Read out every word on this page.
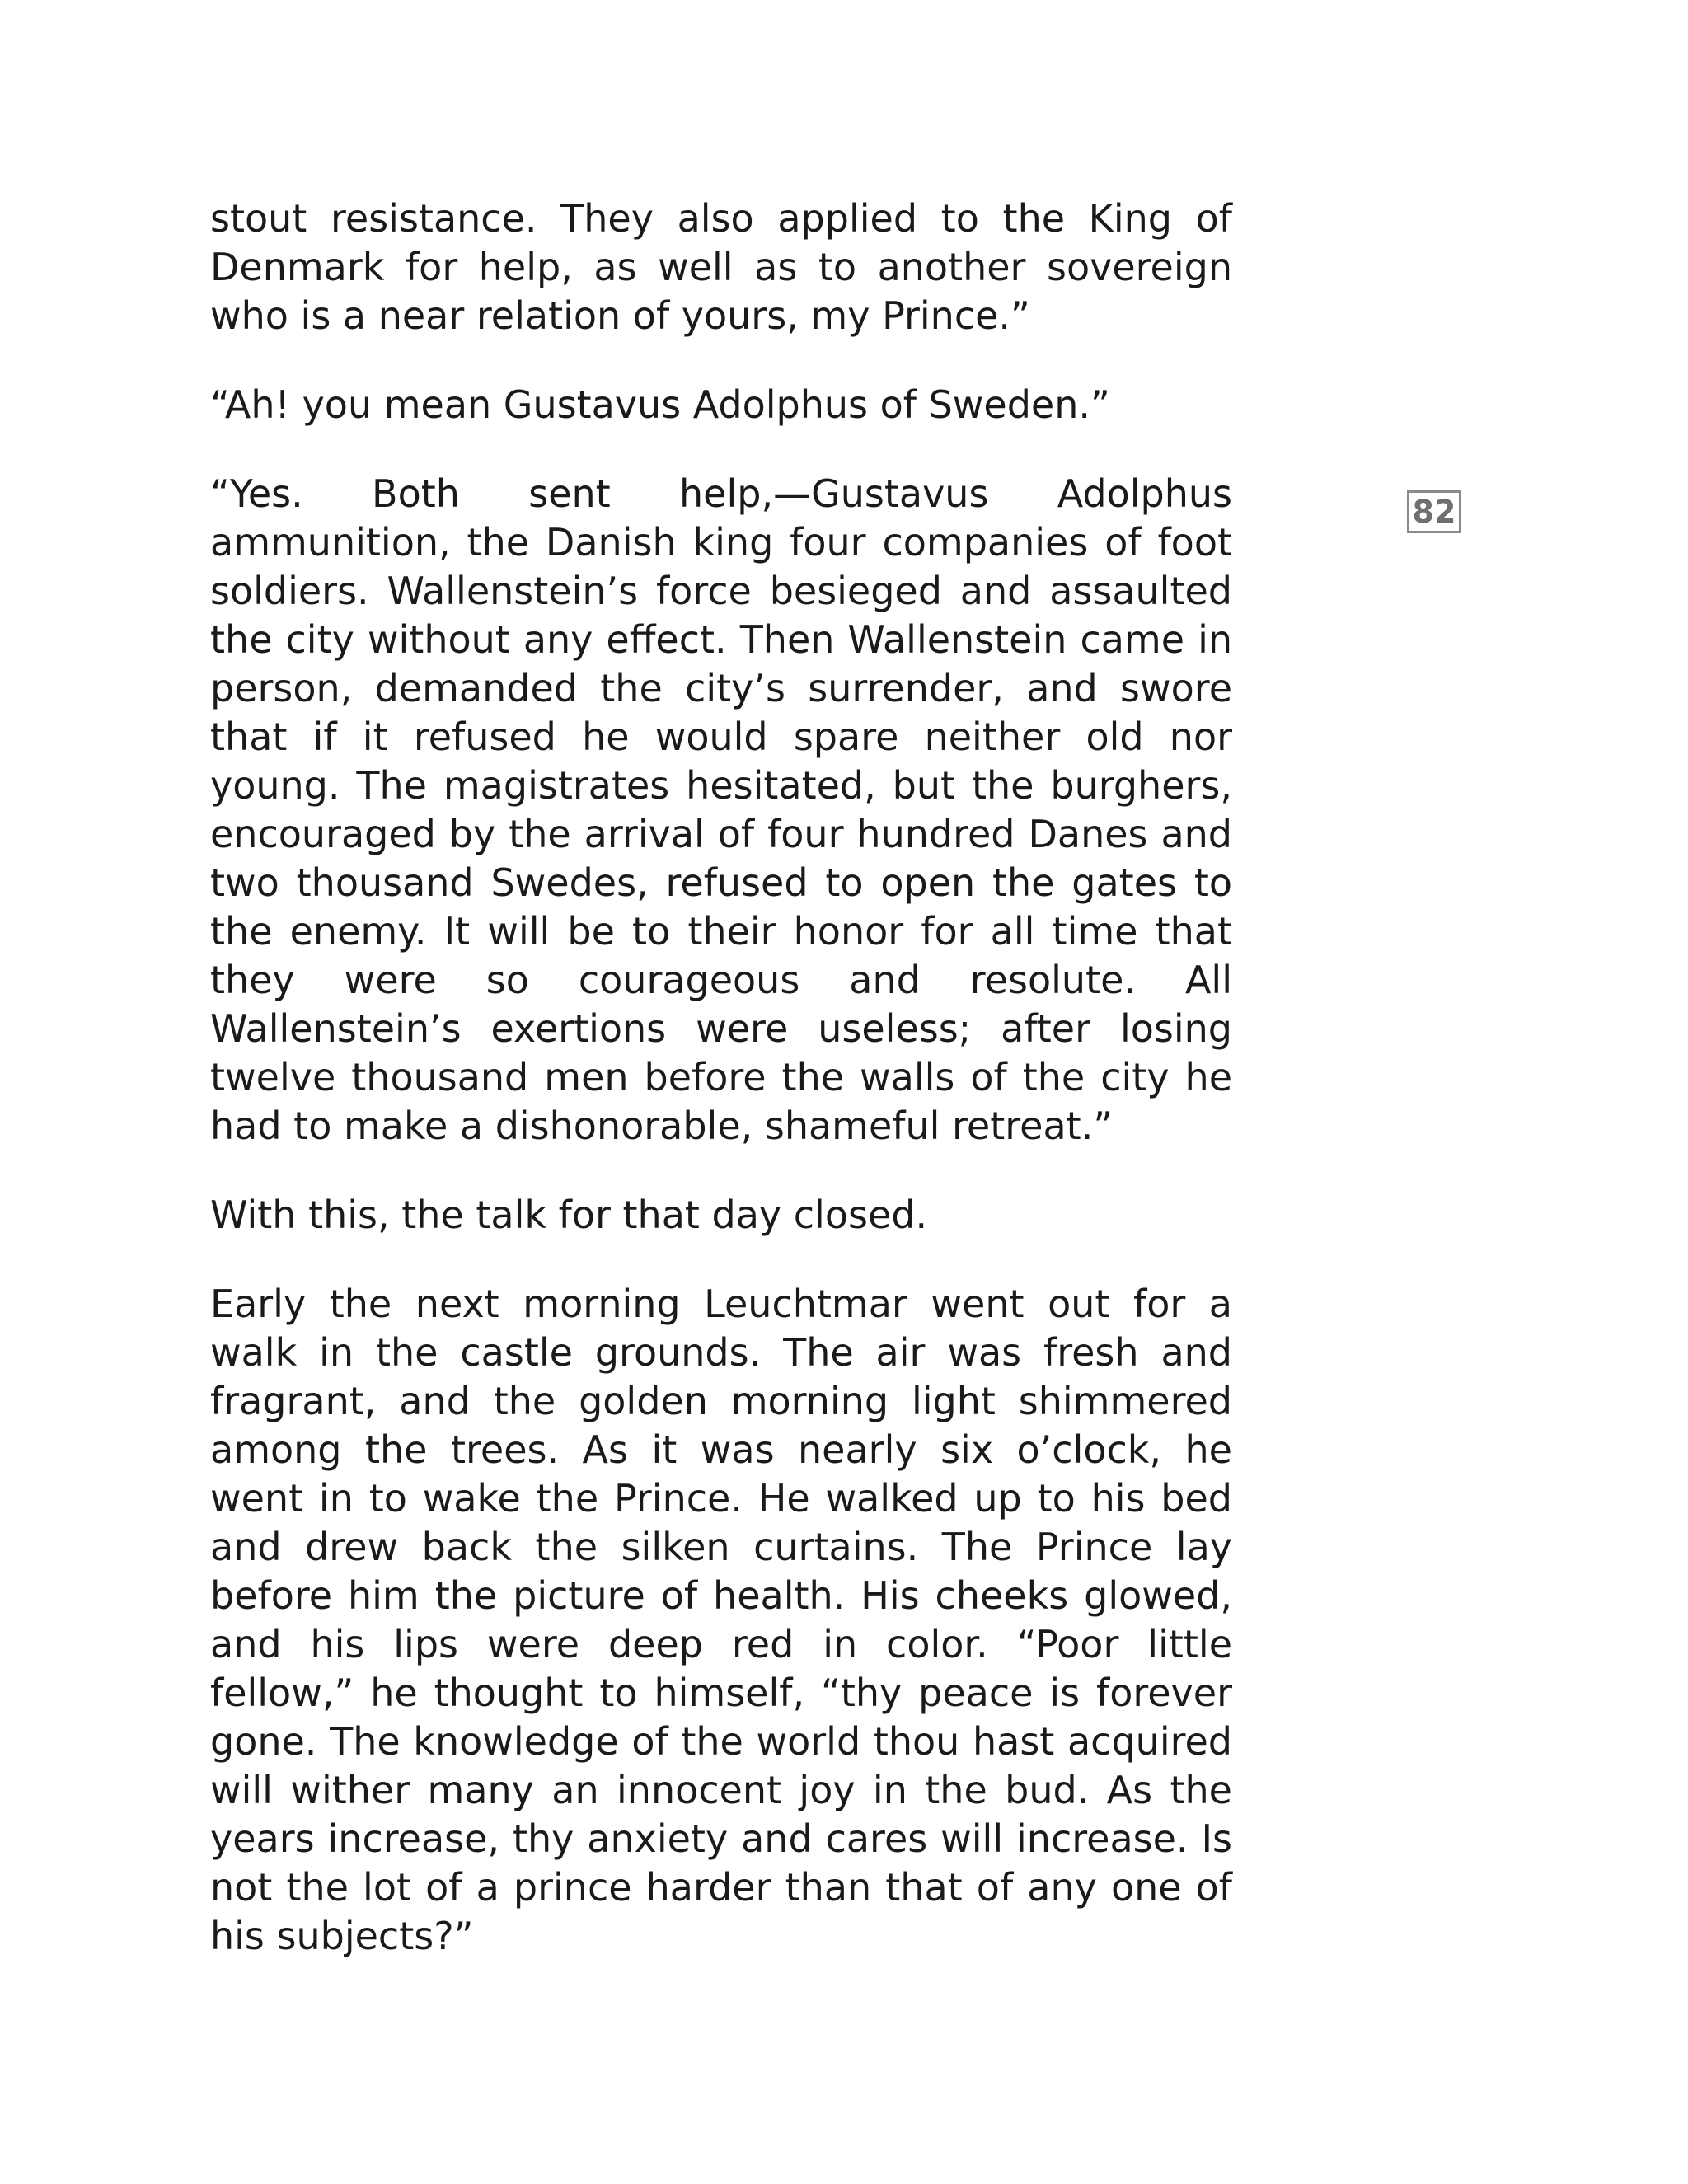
stout resistance. They also applied to the King of Denmark for help, as well as to another sovereign who is a near relation of yours, my Prince.”

“Ah! you mean Gustavus Adolphus of Sweden.”

“Yes. Both sent help,—Gustavus Adolphus ammunition, the Danish king four companies of foot soldiers. Wallenstein’s force besieged and assaulted the city without any effect. Then Wallenstein came in person, demanded the city’s surrender, and swore that if it refused he would spare neither old nor young. The magistrates hesitated, but the burghers, encouraged by the arrival of four hundred Danes and two thousand Swedes, refused to open the gates to the enemy. It will be to their honor for all time that they were so courageous and resolute. All Wallenstein’s exertions were useless; after losing twelve thousand men before the walls of the city he had to make a dishonorable, shameful retreat.”

With this, the talk for that day closed.

Early the next morning Leuchtmar went out for a walk in the castle grounds. The air was fresh and fragrant, and the golden morning light shimmered among the trees. As it was nearly six o’clock, he went in to wake the Prince. He walked up to his bed and drew back the silken curtains. The Prince lay before him the picture of health. His cheeks glowed, and his lips were deep red in color. “Poor little fellow,” he thought to himself, “thy peace is forever gone. The knowledge of the world thou hast acquired will wither many an innocent joy in the bud. As the years increase, thy anxiety and cares will increase. Is not the lot of a prince harder than that of any one of his subjects?”

82
